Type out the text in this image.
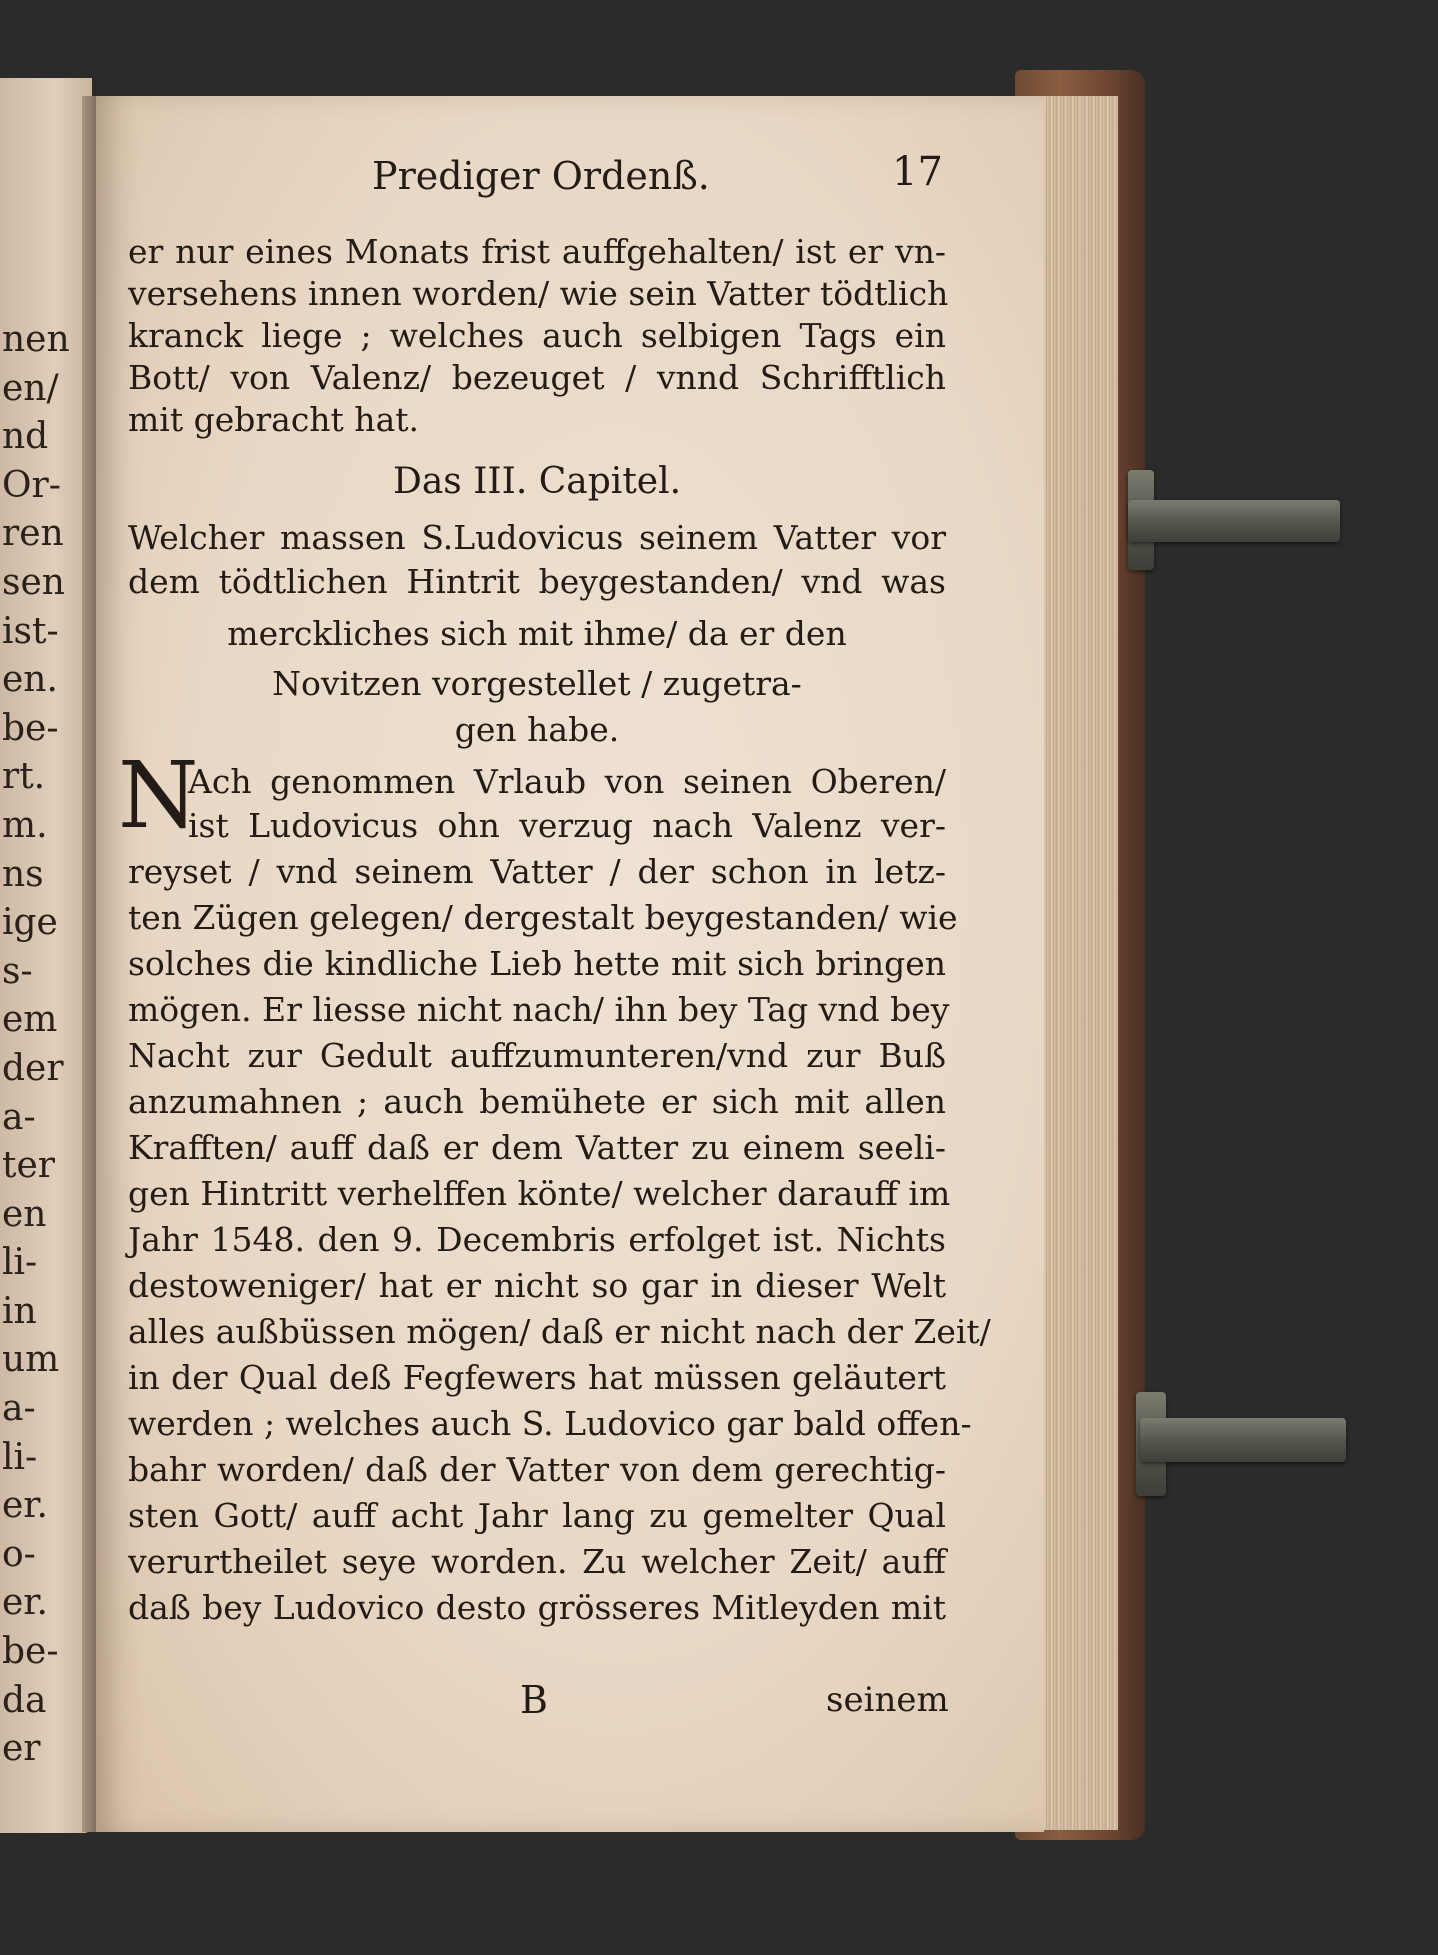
nen
en/
nd
Or-
ren
sen
ist-
en.
be-
rt.
m.
ns
ige
s-
em
der
a-
ter
en
li-
in
um
a-
li-
er.
o-
er.
be-
da
er
Prediger Ordenß.	17
er nur eines Monats frist auffgehalten/ ist er vn-
versehens innen worden/ wie sein Vatter tödtlich
kranck liege ; welches auch selbigen Tags ein
Bott/ von Valenz/ bezeuget / vnnd Schrifftlich
mit gebracht hat.
Das III. Capitel.
Welcher massen S.Ludovicus seinem Vatter vor
dem tödtlichen Hintrit beygestanden/ vnd was
merckliches sich mit ihme/ da er den
Novitzen vorgestellet / zugetra-
gen habe.
N
Ach genommen Vrlaub von seinen Oberen/
ist Ludovicus ohn verzug nach Valenz ver-
reyset / vnd seinem Vatter / der schon in letz-
ten Zügen gelegen/ dergestalt beygestanden/ wie
solches die kindliche Lieb hette mit sich bringen
mögen. Er liesse nicht nach/ ihn bey Tag vnd bey
Nacht zur Gedult auffzumunteren/vnd zur Buß
anzumahnen ; auch bemühete er sich mit allen
Krafften/ auff daß er dem Vatter zu einem seeli-
gen Hintritt verhelffen könte/ welcher darauff im
Jahr 1548. den 9. Decembris erfolget ist. Nichts
destoweniger/ hat er nicht so gar in dieser Welt
alles außbüssen mögen/ daß er nicht nach der Zeit/
in der Qual deß Fegfewers hat müssen geläutert
werden ; welches auch S. Ludovico gar bald offen-
bahr worden/ daß der Vatter von dem gerechtig-
sten Gott/ auff acht Jahr lang zu gemelter Qual
verurtheilet seye worden. Zu welcher Zeit/ auff
daß bey Ludovico desto grösseres Mitleyden mit
B	seinem
